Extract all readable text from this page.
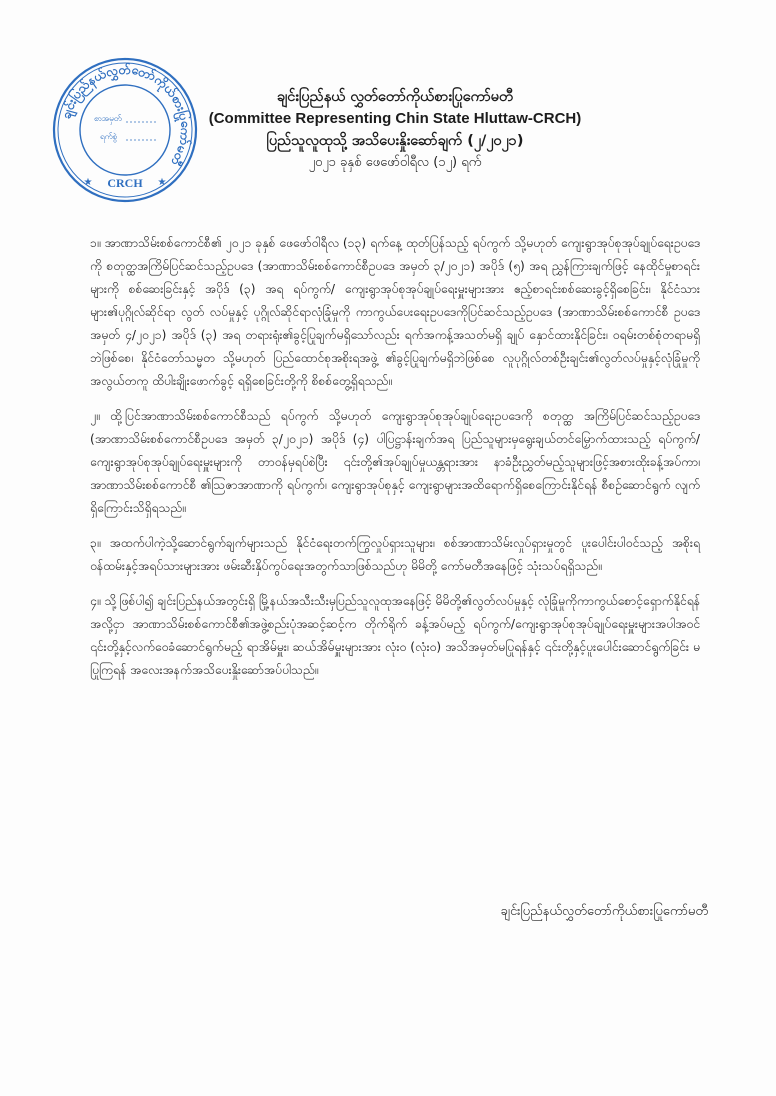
ချင်းပြည်နယ်လွှတ်တော်ကိုယ်စားပြုကော်မတီ
စာအမှတ်
ရက်စွဲ
CRCH
★	★
ချင်းပြည်နယ် လွှတ်တော်ကိုယ်စားပြုကော်မတီ
(Committee Representing Chin State Hluttaw-CRCH)
ပြည်သူလူထုသို့ အသိပေးနှိုးဆော်ချက် (၂/၂၀၂၁)
၂၀၂၁ ခုနှစ် ဖေဖော်ဝါရီလ (၁၂) ရက်

၁။ အာဏာသိမ်းစစ်ကောင်စီ၏ ၂၀၂၁ ခုနှစ် ဖေဖော်ဝါရီလ (၁၃) ရက်နေ့ ထုတ်ပြန်သည့် ရပ်ကွက် သို့မဟုတ် ကျေးရွာအုပ်စုအုပ်ချုပ်ရေးဥပဒေကို စတုတ္ထအကြိမ်ပြင်ဆင်သည့်ဥပဒေ (အာဏာသိမ်းစစ်ကောင်စီဥပဒေ အမှတ် ၃/၂၀၂၁) အပိုဒ် (၅) အရ ညွှန်ကြားချက်ဖြင့် နေထိုင်မှုစာရင်းများကို စစ်ဆေးခြင်းနှင့် အပိုဒ် (၃) အရ ရပ်ကွက်/ ကျေးရွာအုပ်စုအုပ်ချုပ်ရေးမှူးများအား ဧည့်စာရင်းစစ်ဆေးခွင့်ရှိစေခြင်း၊ နိုင်ငံသားများ၏ပုဂ္ဂိုလ်ဆိုင်ရာ လွတ် လပ်မှုနှင့် ပုဂ္ဂိုလ်ဆိုင်ရာလုံခြုံမှုကို ကာကွယ်ပေးရေးဥပဒေကိုပြင်ဆင်သည့်ဥပဒေ (အာဏာသိမ်းစစ်ကောင်စီ ဥပဒေအမှတ် ၄/၂၀၂၁) အပိုဒ် (၃) အရ တရားရုံး၏ခွင့်ပြုချက်မရှိသော်လည်း ရက်အကန့်အသတ်မရှိ ချုပ် နှောင်ထားနိုင်ခြင်း၊ ဝရမ်းတစ်စုံတရာမရှိဘဲဖြစ်စေ၊ နိုင်ငံတော်သမ္မတ သို့မဟုတ် ပြည်ထောင်စုအစိုးရအဖွဲ့ ၏ခွင့်ပြုချက်မရှိဘဲဖြစ်စေ လူပုဂ္ဂိုလ်တစ်ဦးချင်း၏လွတ်လပ်မှုနှင့်လုံခြုံမှုကို အလွယ်တကူ ထိပါးချိုးဖောက်ခွင့် ရရှိစေခြင်းတို့ကို စိစစ်တွေ့ရှိရသည်။

၂။ ထို့ပြင်အာဏာသိမ်းစစ်ကောင်စီသည် ရပ်ကွက် သို့မဟုတ် ကျေးရွာအုပ်စုအုပ်ချုပ်ရေးဥပဒေကို စတုတ္ထ အကြိမ်ပြင်ဆင်သည့်ဥပဒေ (အာဏာသိမ်းစစ်ကောင်စီဥပဒေ အမှတ် ၃/၂၀၂၁) အပိုဒ် (၄) ပါပြဋ္ဌာန်းချက်အရ ပြည်သူများမှရွေးချယ်တင်မြှောက်ထားသည့် ရပ်ကွက်/ကျေးရွာအုပ်စုအုပ်ချုပ်ရေးမှူးများကို တာဝန်မှရပ်စဲပြီး ၎င်းတို့၏အုပ်ချုပ်မှုယန္တရားအား နာခံဦးညွှတ်မည့်သူများဖြင့်အစားထိုးခန့်အပ်ကာ၊ အာဏာသိမ်းစစ်ကောင်စီ ၏ဩဇာအာဏာကို ရပ်ကွက်၊ ကျေးရွာအုပ်စုနှင့် ကျေးရွာများအထိရောက်ရှိစေကြောင်းနိုင်ရန် စီစဉ်ဆောင်ရွက် လျက်ရှိကြောင်းသိရှိရသည်။

၃။ အထက်ပါကဲ့သို့ဆောင်ရွက်ချက်များသည် နိုင်ငံရေးတက်ကြွလှုပ်ရှားသူများ၊ စစ်အာဏာသိမ်းလှုပ်ရှားမှုတွင် ပူးပေါင်းပါဝင်သည့် အစိုးရဝန်ထမ်းနှင့်အရပ်သားများအား ဖမ်းဆီးနှိပ်ကွပ်ရေးအတွက်သာဖြစ်သည်ဟု မိမိတို့ ကော်မတီအနေဖြင့် သုံးသပ်ရရှိသည်။

၄။ သို့ဖြစ်ပါ၍ ချင်းပြည်နယ်အတွင်းရှိ မြို့နယ်အသီးသီးမှပြည်သူလူထုအနေဖြင့် မိမိတို့၏လွတ်လပ်မှုနှင့် လုံခြုံမှုကိုကာကွယ်စောင့်ရှောက်နိုင်ရန်အလို့ငှာ အာဏာသိမ်းစစ်ကောင်စီ၏အဖွဲ့စည်းပုံအဆင့်ဆင့်က တိုက်ရိုက် ခန့်အပ်မည့် ရပ်ကွက်/ကျေးရွာအုပ်စုအုပ်ချုပ်ရေးမှူးများအပါအဝင် ၎င်းတို့နှင့်လက်ဝေခံဆောင်ရွက်မည့် ရာအိမ်မှူး၊ ဆယ်အိမ်မှူးများအား လုံးဝ (လုံးဝ) အသိအမှတ်မပြုရန်နှင့် ၎င်းတို့နှင့်ပူးပေါင်းဆောင်ရွက်ခြင်း မပြုကြရန် အလေးအနက်အသိပေးနှိုးဆော်အပ်ပါသည်။

ချင်းပြည်နယ်လွှတ်တော်ကိုယ်စားပြုကော်မတီ
